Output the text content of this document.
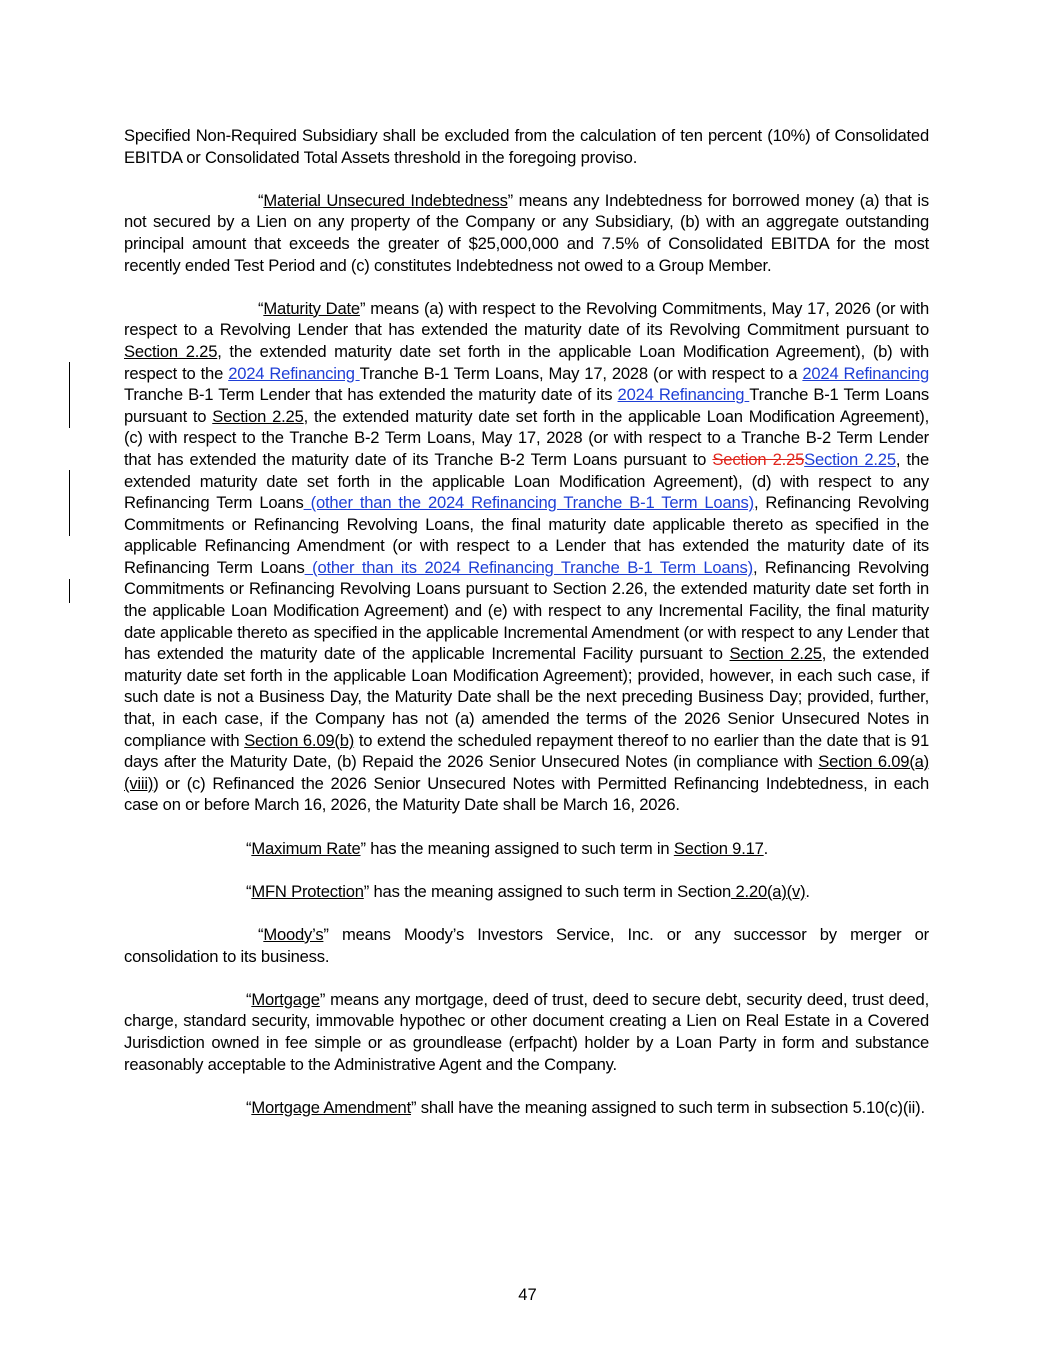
Specified Non-Required Subsidiary shall be excluded from the calculation of ten percent (10%) of Consolidated EBITDA or Consolidated Total Assets threshold in the foregoing proviso.

“Material Unsecured Indebtedness” means any Indebtedness for borrowed money (a) that is not secured by a Lien on any property of the Company or any Subsidiary, (b) with an aggregate outstanding principal amount that exceeds the greater of $25,000,000 and 7.5% of Consolidated EBITDA for the most recently ended Test Period and (c) constitutes Indebtedness not owed to a Group Member.

“Maturity Date” means (a) with respect to the Revolving Commitments, May 17, 2026 (or with respect to a Revolving Lender that has extended the maturity date of its Revolving Commitment pursuant to Section 2.25, the extended maturity date set forth in the applicable Loan Modification Agreement), (b) with respect to the 2024 Refinancing Tranche B-1 Term Loans, May 17, 2028 (or with respect to a 2024 Refinancing Tranche B-1 Term Lender that has extended the maturity date of its 2024 Refinancing Tranche B-1 Term Loans pursuant to Section 2.25, the extended maturity date set forth in the applicable Loan Modification Agreement), (c) with respect to the Tranche B-2 Term Loans, May 17, 2028 (or with respect to a Tranche B-2 Term Lender that has extended the maturity date of its Tranche B-2 Term Loans pursuant to Section 2.25Section 2.25, the extended maturity date set forth in the applicable Loan Modification Agreement), (d) with respect to any Refinancing Term Loans (other than the 2024 Refinancing Tranche B-1 Term Loans), Refinancing Revolving Commitments or Refinancing Revolving Loans, the final maturity date applicable thereto as specified in the applicable Refinancing Amendment (or with respect to a Lender that has extended the maturity date of its Refinancing Term Loans (other than its 2024 Refinancing Tranche B-1 Term Loans), Refinancing Revolving Commitments or Refinancing Revolving Loans pursuant to Section 2.26, the extended maturity date set forth in the applicable Loan Modification Agreement) and (e) with respect to any Incremental Facility, the final maturity date applicable thereto as specified in the applicable Incremental Amendment (or with respect to any Lender that has extended the maturity date of the applicable Incremental Facility pursuant to Section 2.25, the extended maturity date set forth in the applicable Loan Modification Agreement); provided, however, in each such case, if such date is not a Business Day, the Maturity Date shall be the next preceding Business Day; provided, further, that, in each case, if the Company has not (a) amended the terms of the 2026 Senior Unsecured Notes in compliance with Section 6.09(b) to extend the scheduled repayment thereof to no earlier than the date that is 91 days after the Maturity Date, (b) Repaid the 2026 Senior Unsecured Notes (in compliance with Section 6.09(a)(viii)) or (c) Refinanced the 2026 Senior Unsecured Notes with Permitted Refinancing Indebtedness, in each case on or before March 16, 2026, the Maturity Date shall be March 16, 2026.

“Maximum Rate” has the meaning assigned to such term in Section 9.17.

“MFN Protection” has the meaning assigned to such term in Section 2.20(a)(v).

“Moody’s” means Moody’s Investors Service, Inc. or any successor by merger or consolidation to its business.

“Mortgage” means any mortgage, deed of trust, deed to secure debt, security deed, trust deed, charge, standard security, immovable hypothec or other document creating a Lien on Real Estate in a Covered Jurisdiction owned in fee simple or as groundlease (erfpacht) holder by a Loan Party in form and substance reasonably acceptable to the Administrative Agent and the Company.

“Mortgage Amendment” shall have the meaning assigned to such term in subsection 5.10(c)(ii).

47
